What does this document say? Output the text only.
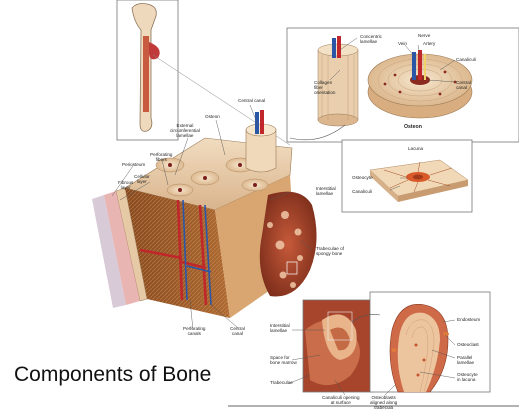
Osteon
Central canal
External
circumferential
lamellae
Perforating
fibers
Periosteum
Cellular
layer
Fibrous
layer	Interstitial
lamellae
Trabeculae of
spongy bone
Perforating
canals
Central
canal
Collagen
fiber
orientation
Concentric
lamellae
Nerve
Vein	Artery
Canaliculi
Central
canal
Osteon
Lacuna
Osteocyte
Canaliculi
Interstitial
lamellae
Space for
bone marrow
Trabeculae
Canaliculi opening
at surface
Osteoblasts
aligned along
trabecula
Endosteum
Osteoclast
Parallel
lamellae
Osteocyte
in lacuna
Components of Bone
